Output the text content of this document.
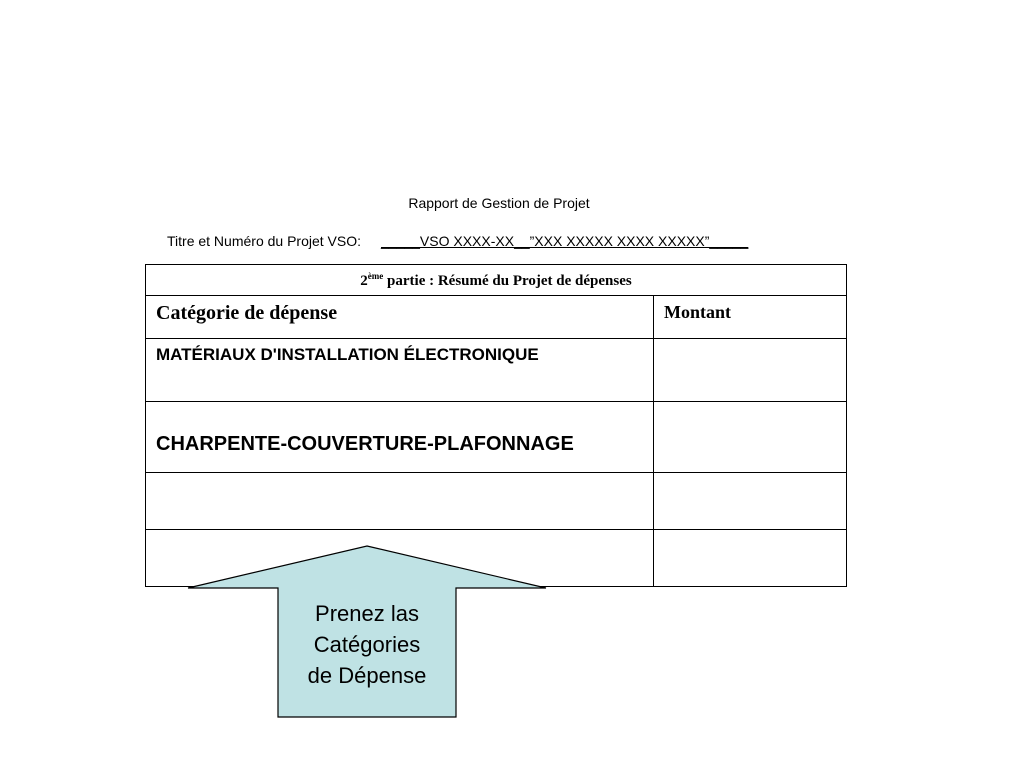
Rapport de Gestion de Projet
Titre et Numéro du Projet VSO: _____VSO XXXX-XX__”XXX XXXXX XXXX XXXXX”_____
2ème partie : Résumé du Projet de dépenses	
Catégorie de dépense	Montant
MATÉRIAUX D'INSTALLATION ÉLECTRONIQUE	
CHARPENTE-COUVERTURE-PLAFONNAGE	

Prenez las
Catégories
de Dépense
